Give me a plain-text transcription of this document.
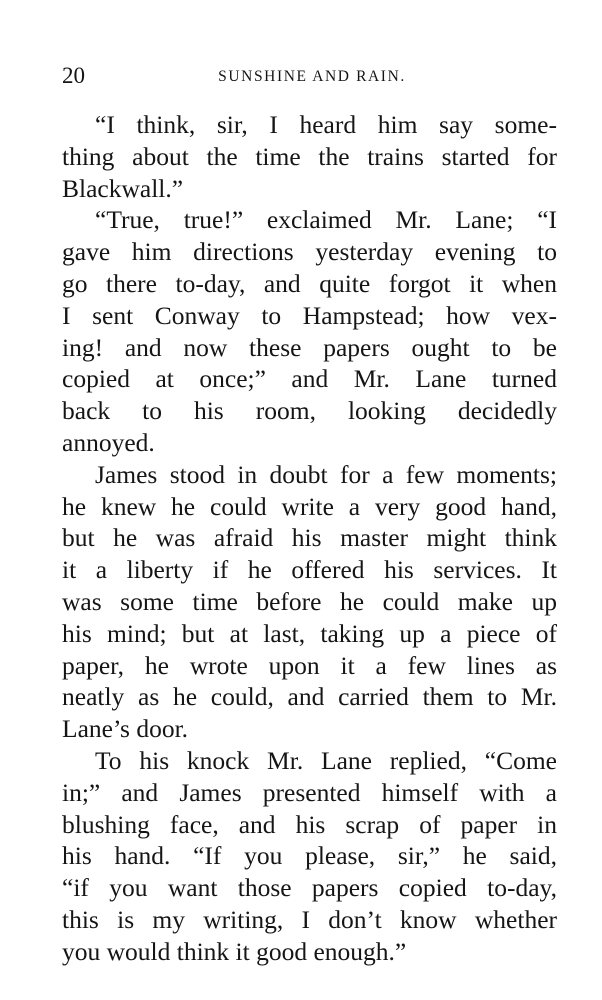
20	SUNSHINE AND RAIN.
“I think, sir, I heard him say some-
thing about the time the trains started for
Blackwall.”
“True, true!” exclaimed Mr. Lane; “I
gave him directions yesterday evening to
go there to-day, and quite forgot it when
I sent Conway to Hampstead; how vex-
ing! and now these papers ought to be
copied at once;” and Mr. Lane turned
back to his room, looking decidedly
annoyed.
James stood in doubt for a few moments;
he knew he could write a very good hand,
but he was afraid his master might think
it a liberty if he offered his services. It
was some time before he could make up
his mind; but at last, taking up a piece of
paper, he wrote upon it a few lines as
neatly as he could, and carried them to Mr.
Lane’s door.
To his knock Mr. Lane replied, “Come
in;” and James presented himself with a
blushing face, and his scrap of paper in
his hand. “If you please, sir,” he said,
“if you want those papers copied to-day,
this is my writing, I don’t know whether
you would think it good enough.”
